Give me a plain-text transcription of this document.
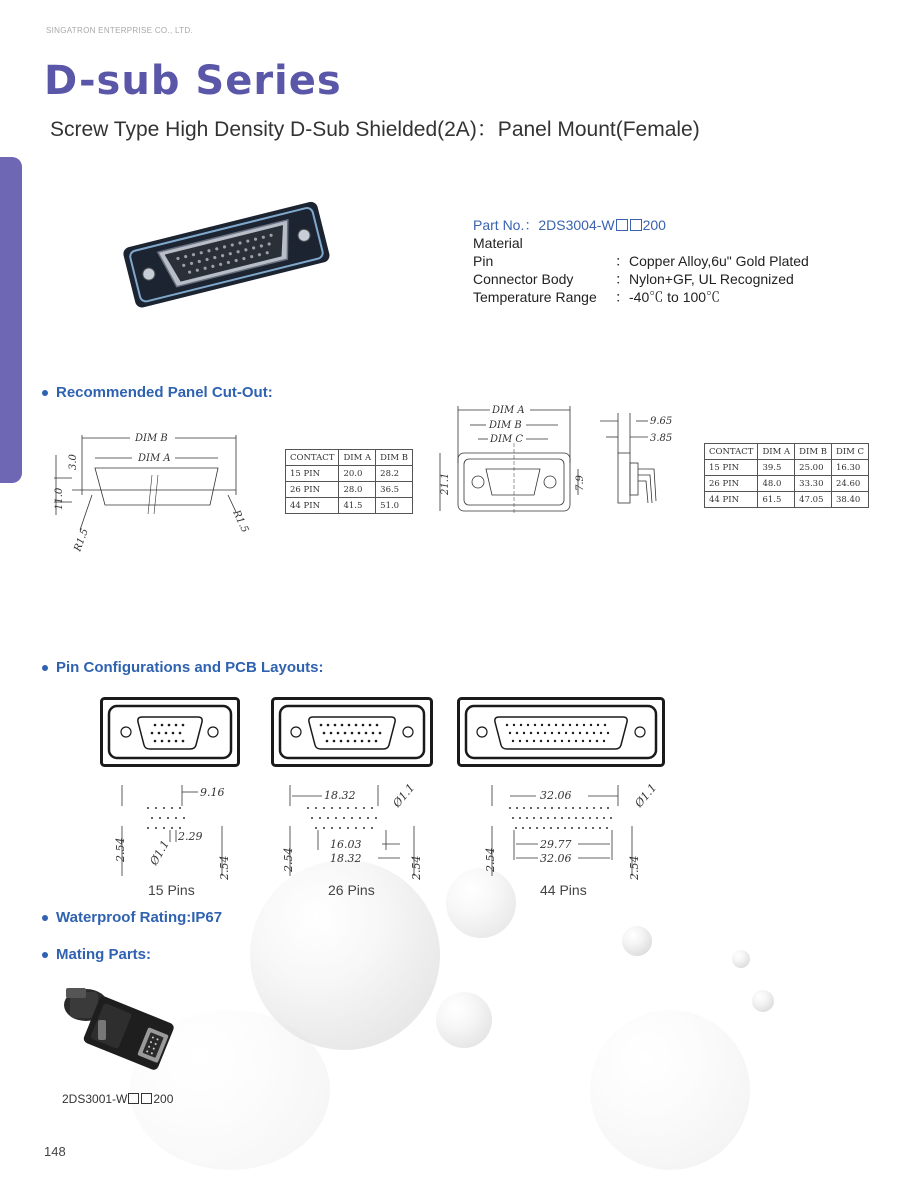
SINGATRON ENTERPRISE CO., LTD.
D-sub Series
Screw Type High Density D-Sub Shielded(2A)：Panel Mount(Female)
Part No.：2DS3004-W 200
Material
Pin	：Copper Alloy,6u" Gold Plated
Connector Body	：Nylon+GF, UL Recognized
Temperature Range	：-40℃ to 100℃
Recommended Panel Cut-Out:
DIM B
DIM A
3.0
11.0
R1.5
R1.5
CONTACT	DIM A	DIM B
15 PIN	20.0	28.2
26 PIN	28.0	36.5
44 PIN	41.5	51.0
DIM A
DIM B
DIM C
21.1	7.9
9.65
3.85
CONTACT	DIM A	DIM B	DIM C
15 PIN	39.5	25.00	16.30
26 PIN	48.0	33.30	24.60
44 PIN	61.5	47.05	38.40
Pin Configurations and PCB Layouts:
9.16
2.29
2.54
2.54
Ø1.1
15 Pins
18.32	Ø1.1
16.03
18.32
2.54	2.54
26 Pins
32.06	Ø1.1
29.77
32.06
2.54	2.54
44 Pins
Waterproof Rating:IP67
Mating Parts:
2DS3001-W 200
148
